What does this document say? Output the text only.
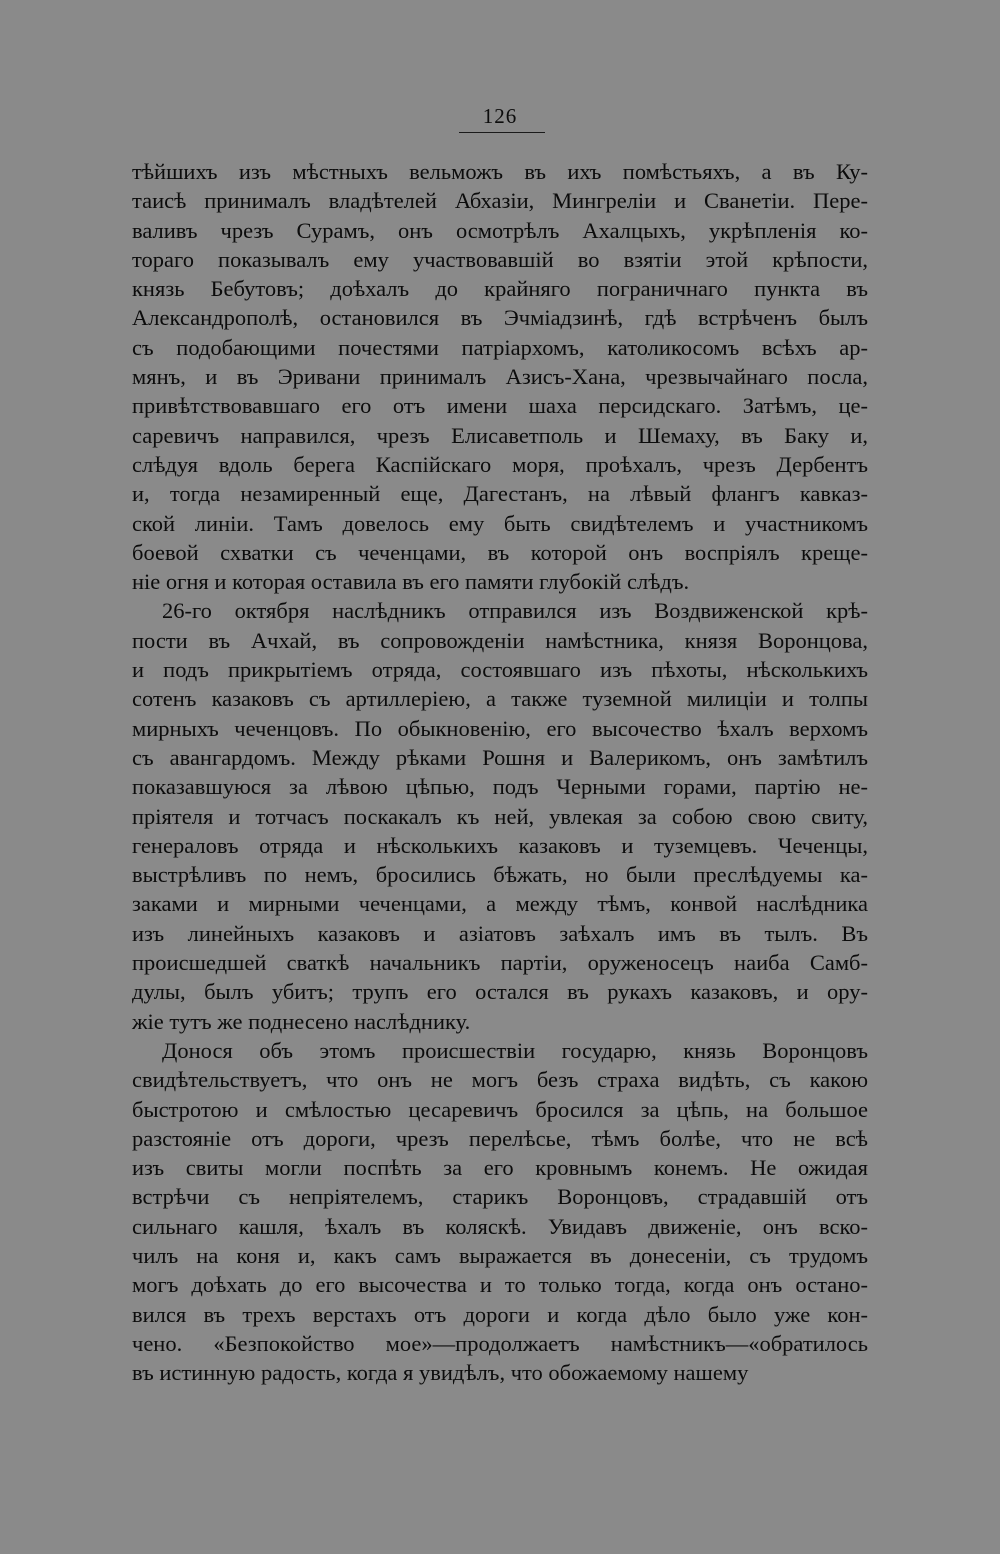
126
тѣйшихъ изъ мѣстныхъ вельможъ въ ихъ помѣстьяхъ, а въ Ку-
таисѣ принималъ владѣтелей Абхазіи, Мингреліи и Сванетіи. Пере-
валивъ чрезъ Сурамъ, онъ осмотрѣлъ Ахалцыхъ, укрѣпленія ко-
тораго показывалъ ему участвовавшій во взятіи этой крѣпости,
князь Бебутовъ; доѣхалъ до крайняго пограничнаго пункта въ
Александрополѣ, остановился въ Эчміадзинѣ, гдѣ встрѣченъ былъ
съ подобающими почестями патріархомъ, католикосомъ всѣхъ ар-
мянъ, и въ Эривани принималъ Азисъ-Хана, чрезвычайнаго посла,
привѣтствовавшаго его отъ имени шаха персидскаго. Затѣмъ, це-
саревичъ направился, чрезъ Елисаветполь и Шемаху, въ Баку и,
слѣдуя вдоль берега Каспійскаго моря, проѣхалъ, чрезъ Дербентъ
и, тогда незамиренный еще, Дагестанъ, на лѣвый флангъ кавказ-
ской линіи. Тамъ довелось ему быть свидѣтелемъ и участникомъ
боевой схватки съ чеченцами, въ которой онъ воспріялъ креще-
ніе огня и которая оставила въ его памяти глубокій слѣдъ.
26-го октября наслѣдникъ отправился изъ Воздвиженской крѣ-
пости въ Ачхай, въ сопровожденіи намѣстника, князя Воронцова,
и подъ прикрытіемъ отряда, состоявшаго изъ пѣхоты, нѣсколькихъ
сотенъ казаковъ съ артиллеріею, а также туземной милиціи и толпы
мирныхъ чеченцовъ. По обыкновенію, его высочество ѣхалъ верхомъ
съ авангардомъ. Между рѣками Рошня и Валерикомъ, онъ замѣтилъ
показавшуюся за лѣвою цѣпью, подъ Черными горами, партію не-
пріятеля и тотчасъ поскакалъ къ ней, увлекая за собою свою свиту,
генераловъ отряда и нѣсколькихъ казаковъ и туземцевъ. Чеченцы,
выстрѣливъ по немъ, бросились бѣжать, но были преслѣдуемы ка-
заками и мирными чеченцами, а между тѣмъ, конвой наслѣдника
изъ линейныхъ казаковъ и азіатовъ заѣхалъ имъ въ тылъ. Въ
происшедшей сваткѣ начальникъ партіи, оруженосецъ наиба Самб-
дулы, былъ убитъ; трупъ его остался въ рукахъ казаковъ, и ору-
жіе тутъ же поднесено наслѣднику.
Донося объ этомъ происшествіи государю, князь Воронцовъ
свидѣтельствуетъ, что онъ не могъ безъ страха видѣть, съ какою
быстротою и смѣлостью цесаревичъ бросился за цѣпь, на большое
разстояніе отъ дороги, чрезъ перелѣсье, тѣмъ болѣе, что не всѣ
изъ свиты могли поспѣть за его кровнымъ конемъ. Не ожидая
встрѣчи съ непріятелемъ, старикъ Воронцовъ, страдавшій отъ
сильнаго кашля, ѣхалъ въ коляскѣ. Увидавъ движеніе, онъ вско-
чилъ на коня и, какъ самъ выражается въ донесеніи, съ трудомъ
могъ доѣхать до его высочества и то только тогда, когда онъ остано-
вился въ трехъ верстахъ отъ дороги и когда дѣло было уже кон-
чено. «Безпокойство мое»—продолжаетъ намѣстникъ—«обратилось
въ истинную радость, когда я увидѣлъ, что обожаемому нашему
